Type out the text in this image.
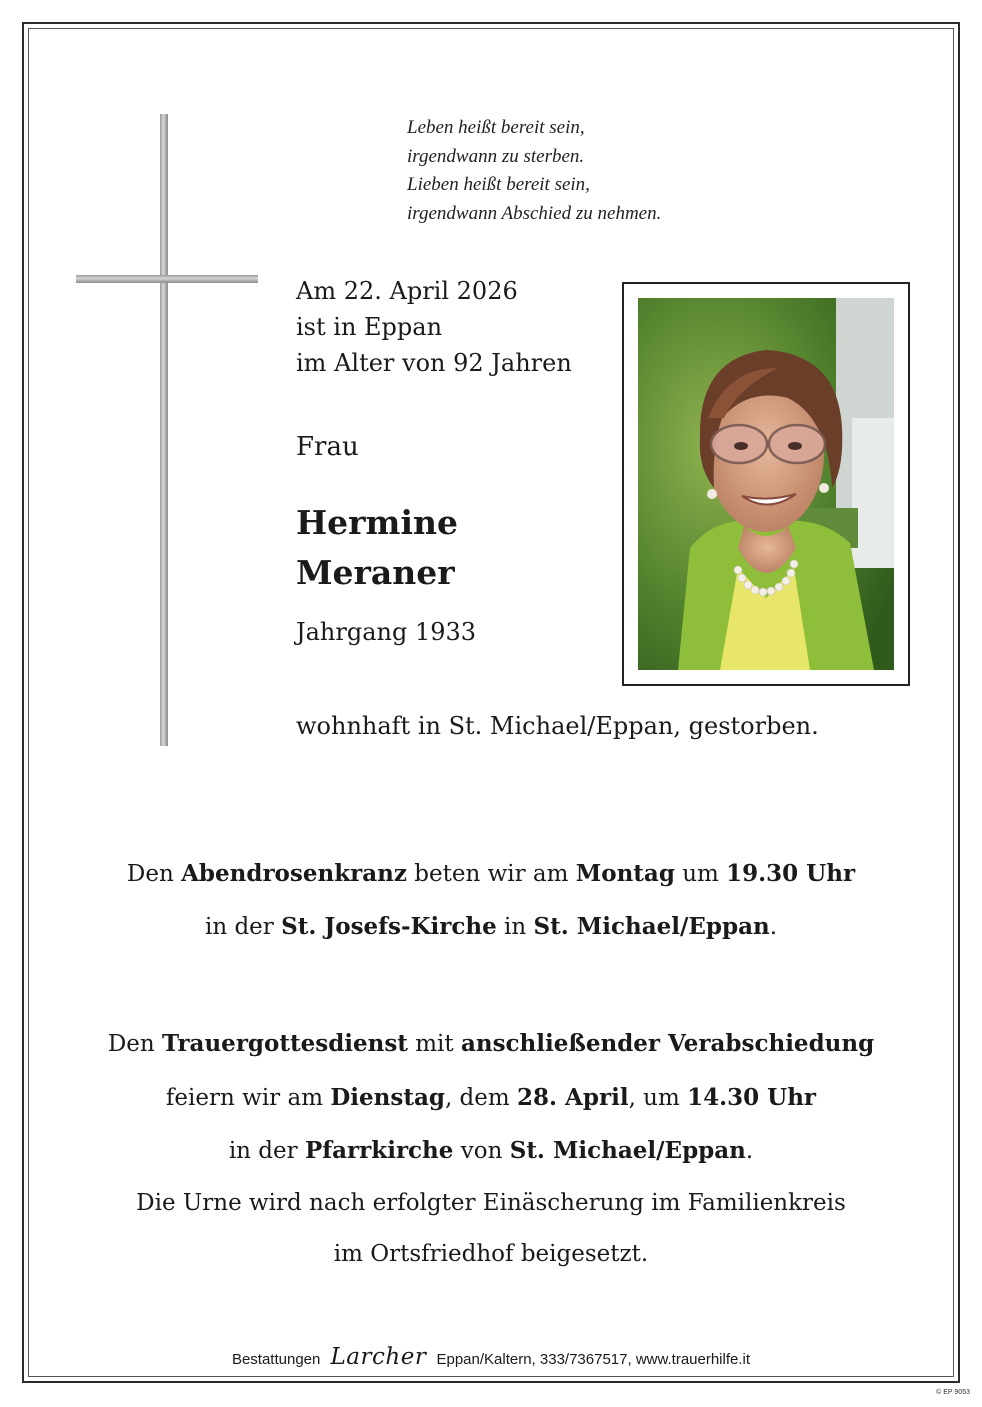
Leben heißt bereit sein,
irgendwann zu sterben.
Lieben heißt bereit sein,
irgendwann Abschied zu nehmen.
Am 22. April 2026
ist in Eppan
im Alter von 92 Jahren
Frau
Hermine
Meraner
Jahrgang 1933
wohnhaft in St. Michael/Eppan, gestorben.
Den Abendrosenkranz beten wir am Montag um 19.30 Uhr
in der St. Josefs-Kirche in St. Michael/Eppan.
Den Trauergottesdienst mit anschließender Verabschiedung
feiern wir am Dienstag, dem 28. April, um 14.30 Uhr
in der Pfarrkirche von St. Michael/Eppan.
Die Urne wird nach erfolgter Einäscherung im Familienkreis
im Ortsfriedhof beigesetzt.
Bestattungen Larcher Eppan/Kaltern, 333/7367517, www.trauerhilfe.it
© EP 9053
